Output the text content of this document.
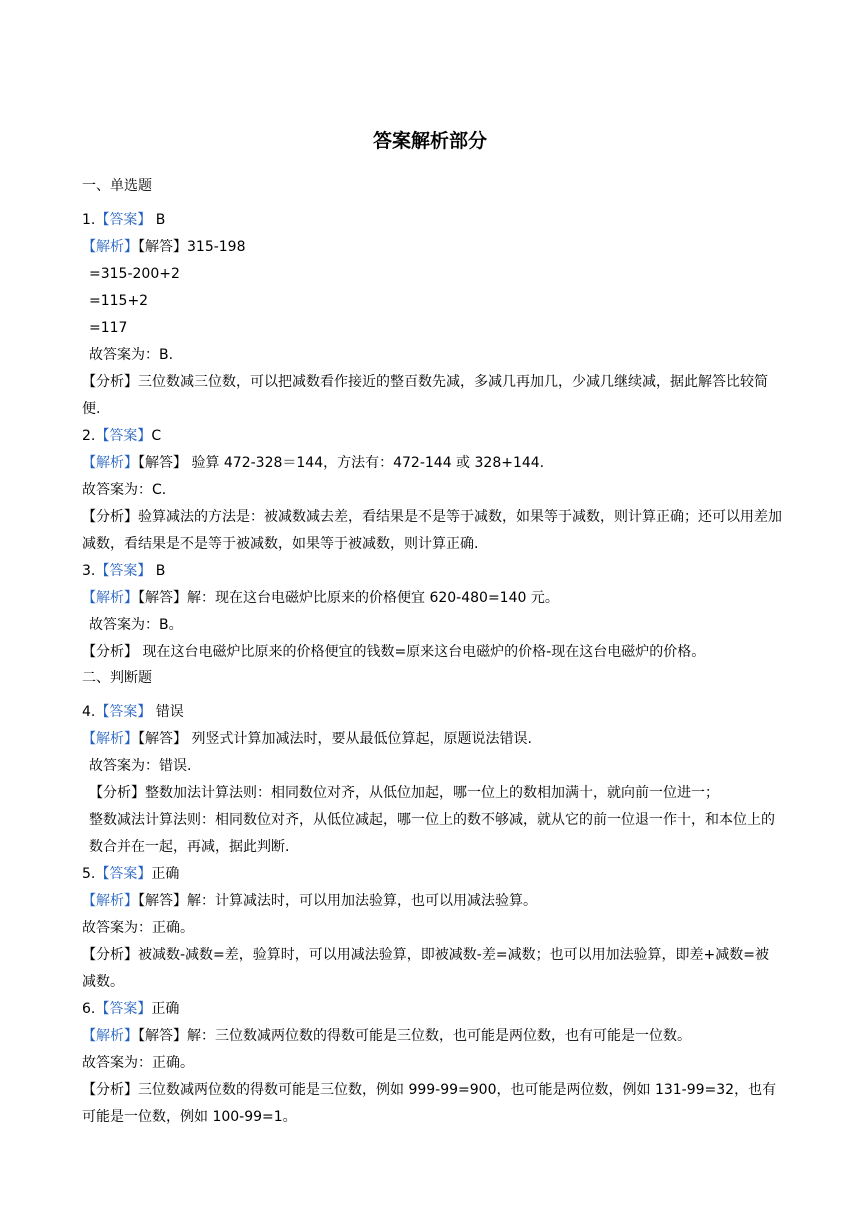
答案解析部分
一、单选题
1.【答案】 B
【解析】【解答】315-198
=315-200+2
=115+2
=117
故答案为：B.
【分析】三位数减三位数，可以把减数看作接近的整百数先减，多减几再加几，少减几继续减，据此解答比较简便.
2.【答案】C
【解析】【解答】 验算 472-328＝144，方法有：472-144 或 328+144.
故答案为：C.
【分析】验算减法的方法是：被减数减去差，看结果是不是等于减数，如果等于减数，则计算正确；还可以用差加减数，看结果是不是等于被减数，如果等于被减数，则计算正确.
3.【答案】 B
【解析】【解答】解：现在这台电磁炉比原来的价格便宜 620-480=140 元。
故答案为：B。
【分析】 现在这台电磁炉比原来的价格便宜的钱数=原来这台电磁炉的价格-现在这台电磁炉的价格。
二、判断题
4.【答案】 错误
【解析】【解答】 列竖式计算加减法时，要从最低位算起，原题说法错误.
故答案为：错误.
【分析】整数加法计算法则：相同数位对齐，从低位加起，哪一位上的数相加满十，就向前一位进一；
整数减法计算法则：相同数位对齐，从低位减起，哪一位上的数不够减，就从它的前一位退一作十，和本位上的数合并在一起，再减，据此判断.
5.【答案】正确
【解析】【解答】解：计算减法时，可以用加法验算，也可以用减法验算。
故答案为：正确。
【分析】被减数-减数=差，验算时，可以用减法验算，即被减数-差=减数；也可以用加法验算，即差+减数=被减数。
6.【答案】正确
【解析】【解答】解：三位数减两位数的得数可能是三位数，也可能是两位数，也有可能是一位数。
故答案为：正确。
【分析】三位数减两位数的得数可能是三位数，例如 999-99=900，也可能是两位数，例如 131-99=32，也有可能是一位数，例如 100-99=1。
